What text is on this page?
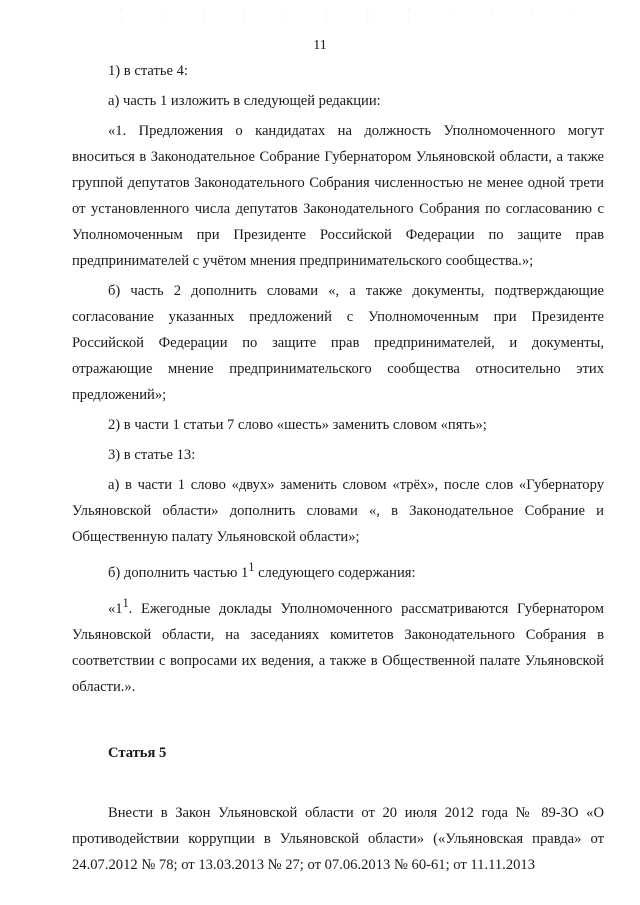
· · · · · · · · · · · · · · · · · · · ·
11

1) в статье 4:

а) часть 1 изложить в следующей редакции:

«1. Предложения о кандидатах на должность Уполномоченного могут вноситься в Законодательное Собрание Губернатором Ульяновской области, а также группой депутатов Законодательного Собрания численностью не менее одной трети от установленного числа депутатов Законодательного Собрания по согласованию с Уполномоченным при Президенте Российской Федерации по защите прав предпринимателей с учётом мнения предпринимательского сообщества.»;

б) часть 2 дополнить словами «, а также документы, подтверждающие согласование указанных предложений с Уполномоченным при Президенте Российской Федерации по защите прав предпринимателей, и документы, отражающие мнение предпринимательского сообщества относительно этих предложений»;

2) в части 1 статьи 7 слово «шесть» заменить словом «пять»;

3) в статье 13:

а) в части 1 слово «двух» заменить словом «трёх», после слов «Губернатору Ульяновской области» дополнить словами «, в Законодательное Собрание и Общественную палату Ульяновской области»;

б) дополнить частью $1^1$ следующего содержания:

«$1^1$. Ежегодные доклады Уполномоченного рассматриваются Губернатором Ульяновской области, на заседаниях комитетов Законодательного Собрания в соответствии с вопросами их ведения, а также в Общественной палате Ульяновской области.».

Статья 5

Внести в Закон Ульяновской области от 20 июля 2012 года № 89-ЗО «О противодействии коррупции в Ульяновской области» («Ульяновская правда» от 24.07.2012 № 78; от 13.03.2013 № 27; от 07.06.2013 № 60-61; от 11.11.2013
